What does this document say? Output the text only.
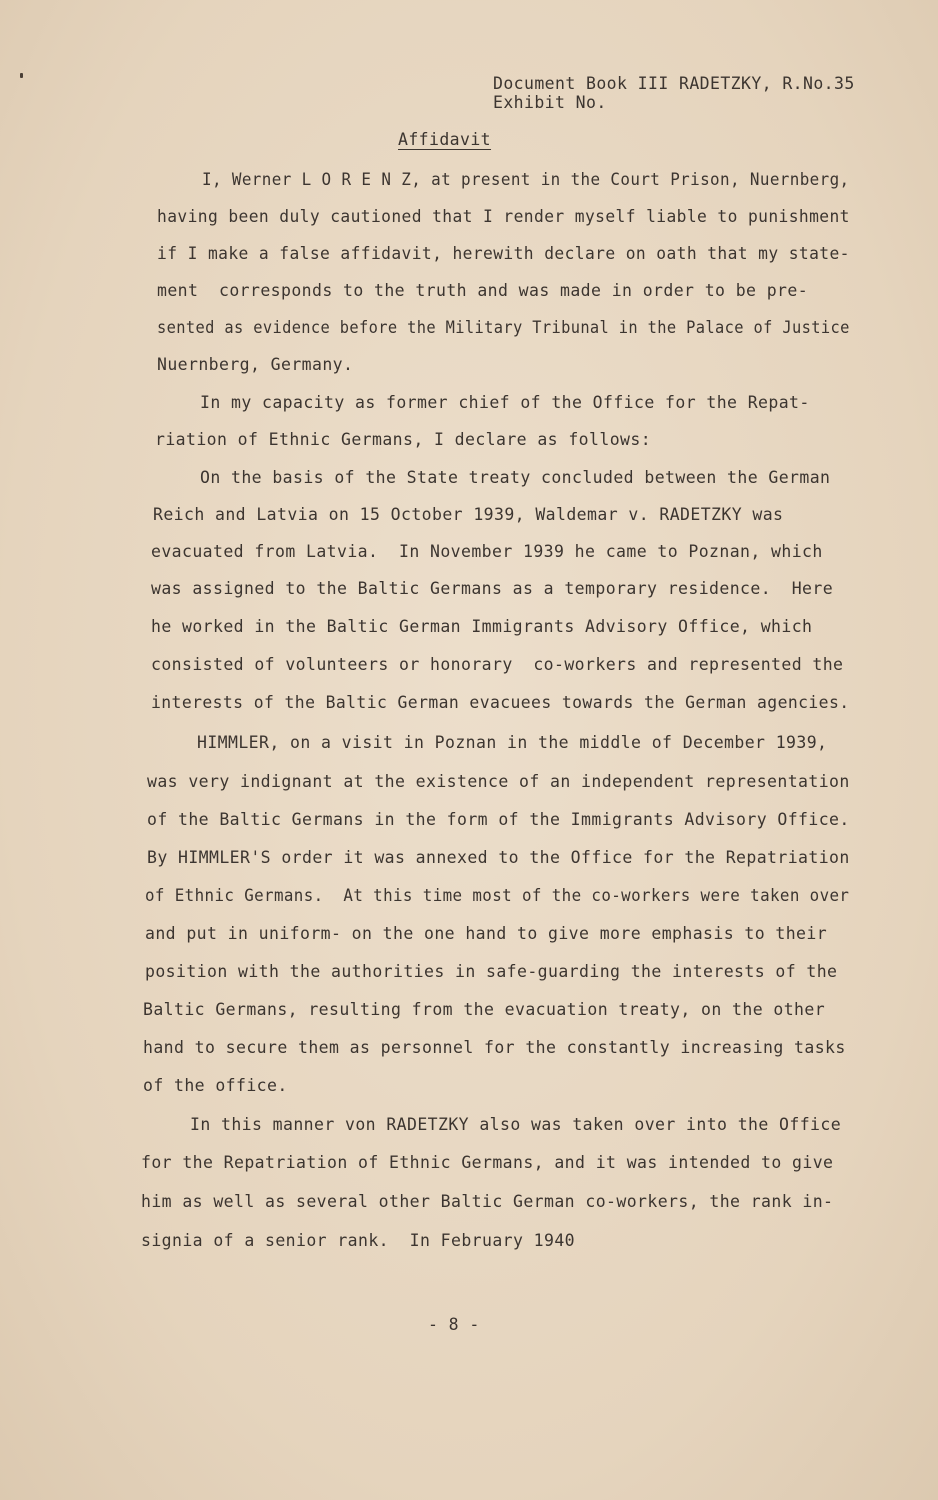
Document Book III RADETZKY, R.No.35
Exhibit No.
Affidavit
I, Werner L O R E N Z, at present in the Court Prison, Nuernberg,
having been duly cautioned that I render myself liable to punishment
if I make a false affidavit, herewith declare on oath that my state-
ment  corresponds to the truth and was made in order to be pre-
sented as evidence before the Military Tribunal in the Palace of Justice
Nuernberg, Germany.
In my capacity as former chief of the Office for the Repat-
riation of Ethnic Germans, I declare as follows:
On the basis of the State treaty concluded between the German
Reich and Latvia on 15 October 1939, Waldemar v. RADETZKY was
evacuated from Latvia.  In November 1939 he came to Poznan, which
was assigned to the Baltic Germans as a temporary residence.  Here
he worked in the Baltic German Immigrants Advisory Office, which
consisted of volunteers or honorary  co-workers and represented the
interests of the Baltic German evacuees towards the German agencies.
HIMMLER, on a visit in Poznan in the middle of December 1939,
was very indignant at the existence of an independent representation
of the Baltic Germans in the form of the Immigrants Advisory Office.
By HIMMLER'S order it was annexed to the Office for the Repatriation
of Ethnic Germans.  At this time most of the co-workers were taken over
and put in uniform- on the one hand to give more emphasis to their
position with the authorities in safe-guarding the interests of the
Baltic Germans, resulting from the evacuation treaty, on the other
hand to secure them as personnel for the constantly increasing tasks
of the office.
In this manner von RADETZKY also was taken over into the Office
for the Repatriation of Ethnic Germans, and it was intended to give
him as well as several other Baltic German co-workers, the rank in-
signia of a senior rank.  In February 1940
- 8 -
